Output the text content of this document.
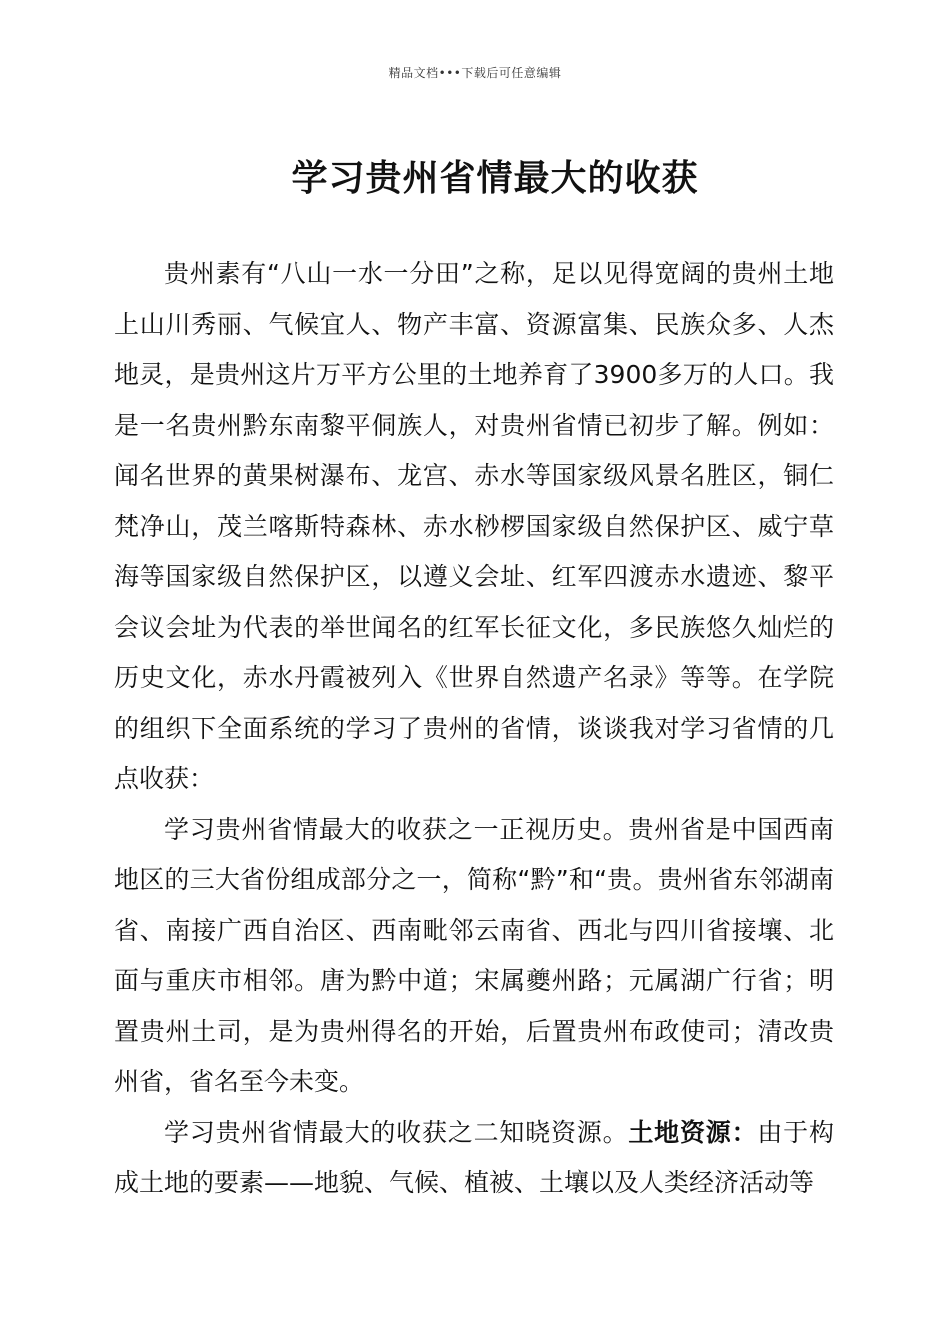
精品文档•••下载后可任意编辑
学习贵州省情最大的收获

贵州素有“八山一水一分田”之称，足以见得宽阔的贵州土地上山川秀丽、气候宜人、物产丰富、资源富集、民族众多、人杰地灵，是贵州这片万平方公里的土地养育了3900多万的人口。我是一名贵州黔东南黎平侗族人，对贵州省情已初步了解。例如：闻名世界的黄果树瀑布、龙宫、赤水等国家级风景名胜区，铜仁梵净山，茂兰喀斯特森林、赤水桫椤国家级自然保护区、威宁草海等国家级自然保护区，以遵义会址、红军四渡赤水遗迹、黎平会议会址为代表的举世闻名的红军长征文化，多民族悠久灿烂的历史文化，赤水丹霞被列入《世界自然遗产名录》等等。在学院的组织下全面系统的学习了贵州的省情，谈谈我对学习省情的几点收获：

学习贵州省情最大的收获之一正视历史。贵州省是中国西南地区的三大省份组成部分之一，简称“黔”和“贵。贵州省东邻湖南省、南接广西自治区、西南毗邻云南省、西北与四川省接壤、北面与重庆市相邻。唐为黔中道；宋属夔州路；元属湖广行省；明置贵州土司，是为贵州得名的开始，后置贵州布政使司；清改贵州省，省名至今未变。

学习贵州省情最大的收获之二知晓资源。土地资源：由于构成土地的要素——地貌、气候、植被、土壤以及人类经济活动等
